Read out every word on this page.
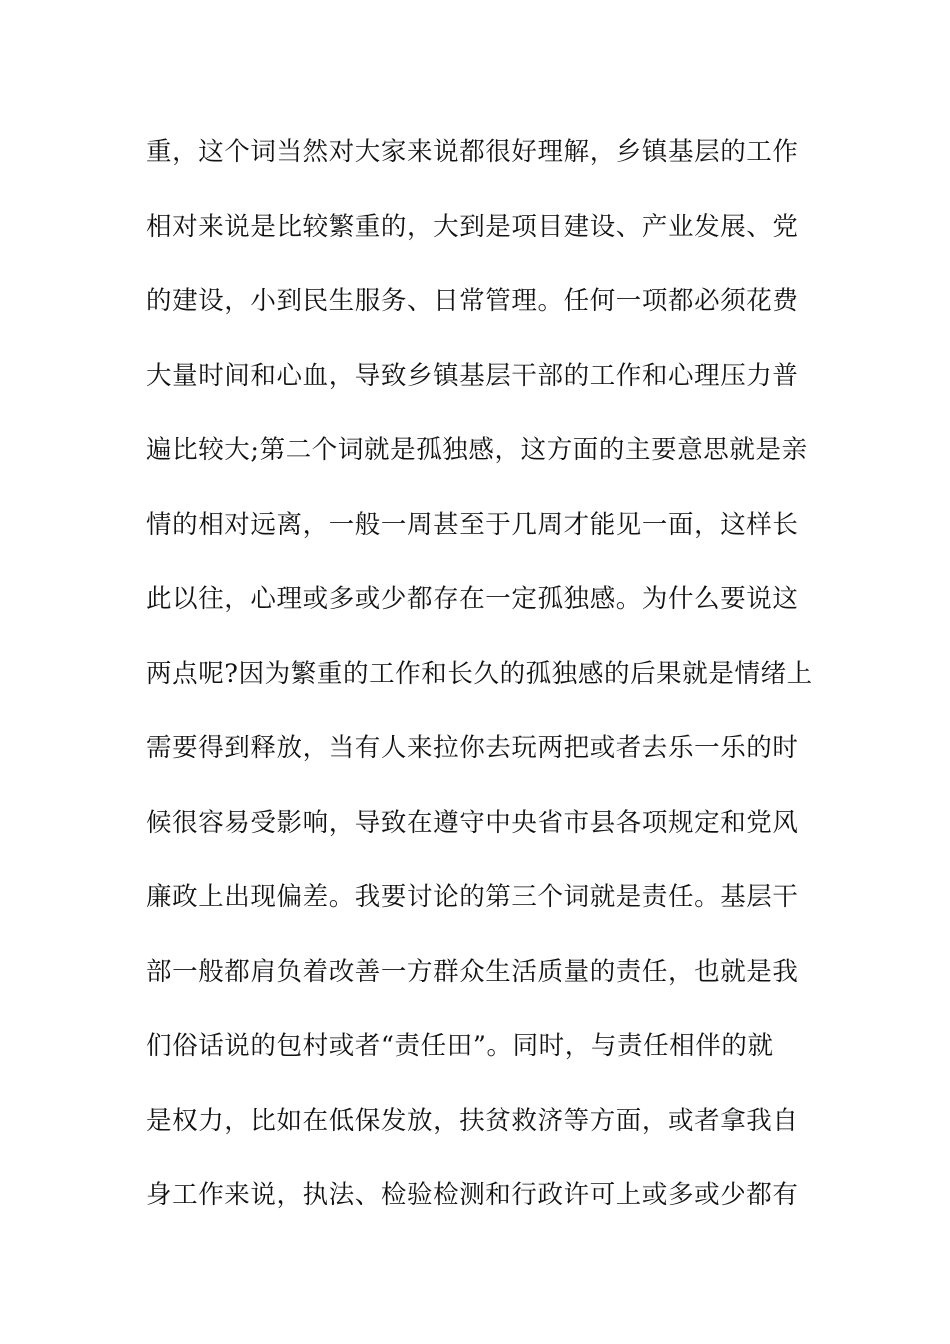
重，这个词当然对大家来说都很好理解，乡镇基层的工作
相对来说是比较繁重的，大到是项目建设、产业发展、党
的建设，小到民生服务、日常管理。任何一项都必须花费
大量时间和心血，导致乡镇基层干部的工作和心理压力普
遍比较大;第二个词就是孤独感，这方面的主要意思就是亲
情的相对远离，一般一周甚至于几周才能见一面，这样长
此以往，心理或多或少都存在一定孤独感。为什么要说这
两点呢?因为繁重的工作和长久的孤独感的后果就是情绪上
需要得到释放，当有人来拉你去玩两把或者去乐一乐的时
候很容易受影响，导致在遵守中央省市县各项规定和党风
廉政上出现偏差。我要讨论的第三个词就是责任。基层干
部一般都肩负着改善一方群众生活质量的责任，也就是我
们俗话说的包村或者“责任田”。同时，与责任相伴的就
是权力，比如在低保发放，扶贫救济等方面，或者拿我自
身工作来说，执法、检验检测和行政许可上或多或少都有
